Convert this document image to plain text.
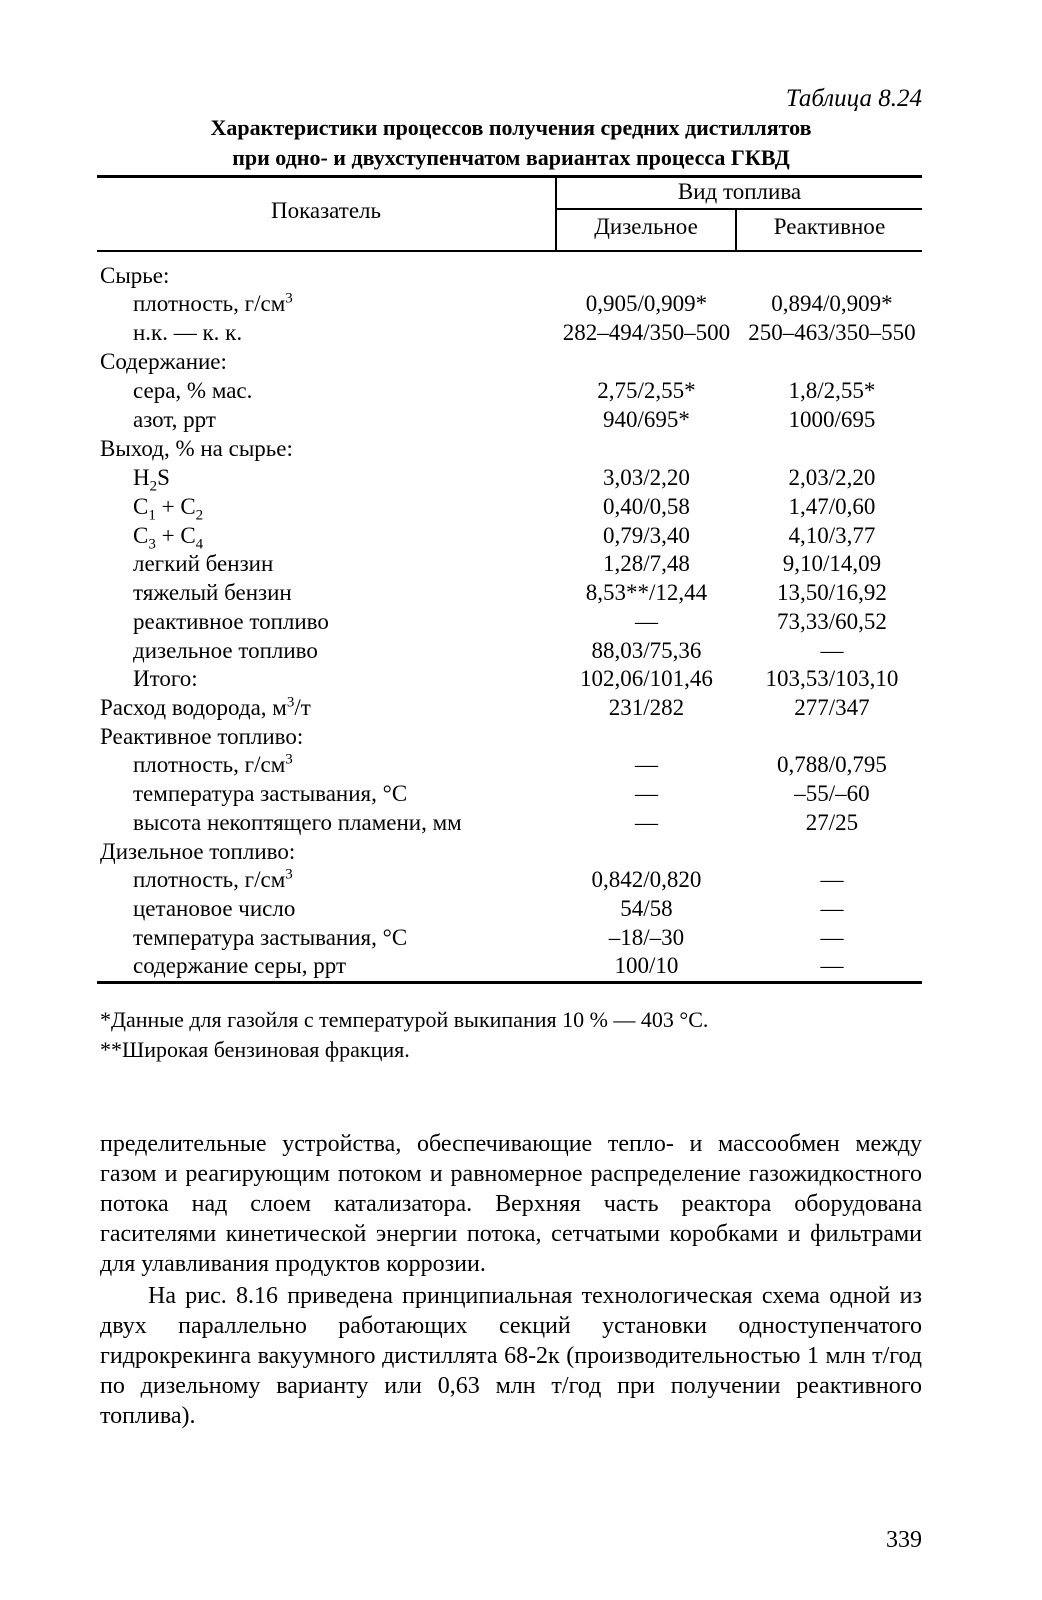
Таблица 8.24
Характеристики процессов получения средних дистиллятов
при одно- и двухступенчатом вариантах процесса ГКВД
Показатель
Вид топлива
Дизельное	Реактивное
Сырье:
плотность, $г/см^3$	0,905/0,909*	0,894/0,909*
н.к. — к. к.	282–494/350–500 250–463/350–550
Содержание:
сера, % мас.	2,75/2,55*	1,8/2,55*
азот, ррт	940/695*	1000/695
Выход, % на сырье:
$H_2S$	3,03/2,20	2,03/2,20
$C_1 + C_2$	0,40/0,58	1,47/0,60
$C_3 + C_4$	0,79/3,40	4,10/3,77
легкий бензин	1,28/7,48	9,10/14,09
тяжелый бензин	8,53**/12,44	13,50/16,92
реактивное топливо	—	73,33/60,52
дизельное топливо	88,03/75,36	—
Итого:	102,06/101,46	103,53/103,10
Расход водорода, $м^3/т$	231/282	277/347
Реактивное топливо:
плотность, $г/см^3$	—	0,788/0,795
температура застывания, °С	—	–55/–60
высота некоптящего пламени, мм	—	27/25
Дизельное топливо:
плотность, $г/см^3$	0,842/0,820	—
цетановое число	54/58	—
температура застывания, °С	–18/–30	—
содержание серы, ррт	100/10	—
*Данные для газойля с температурой выкипания 10 % — 403 °С.
**Широкая бензиновая фракция.

пределительные устройства, обеспечивающие тепло- и массообмен между газом и реагирующим потоком и равномерное распределение газожидкостного потока над слоем катализатора. Верхняя часть реактора оборудована гасителями кинетической энергии потока, сетчатыми коробками и фильтрами для улавливания продуктов коррозии.

На рис. 8.16 приведена принципиальная технологическая схема одной из двух параллельно работающих секций установки одноступенчатого гидрокрекинга вакуумного дистиллята 68-2к (производительностью 1 млн т/год по дизельному варианту или 0,63 млн т/год при получении реактивного топлива).

339
